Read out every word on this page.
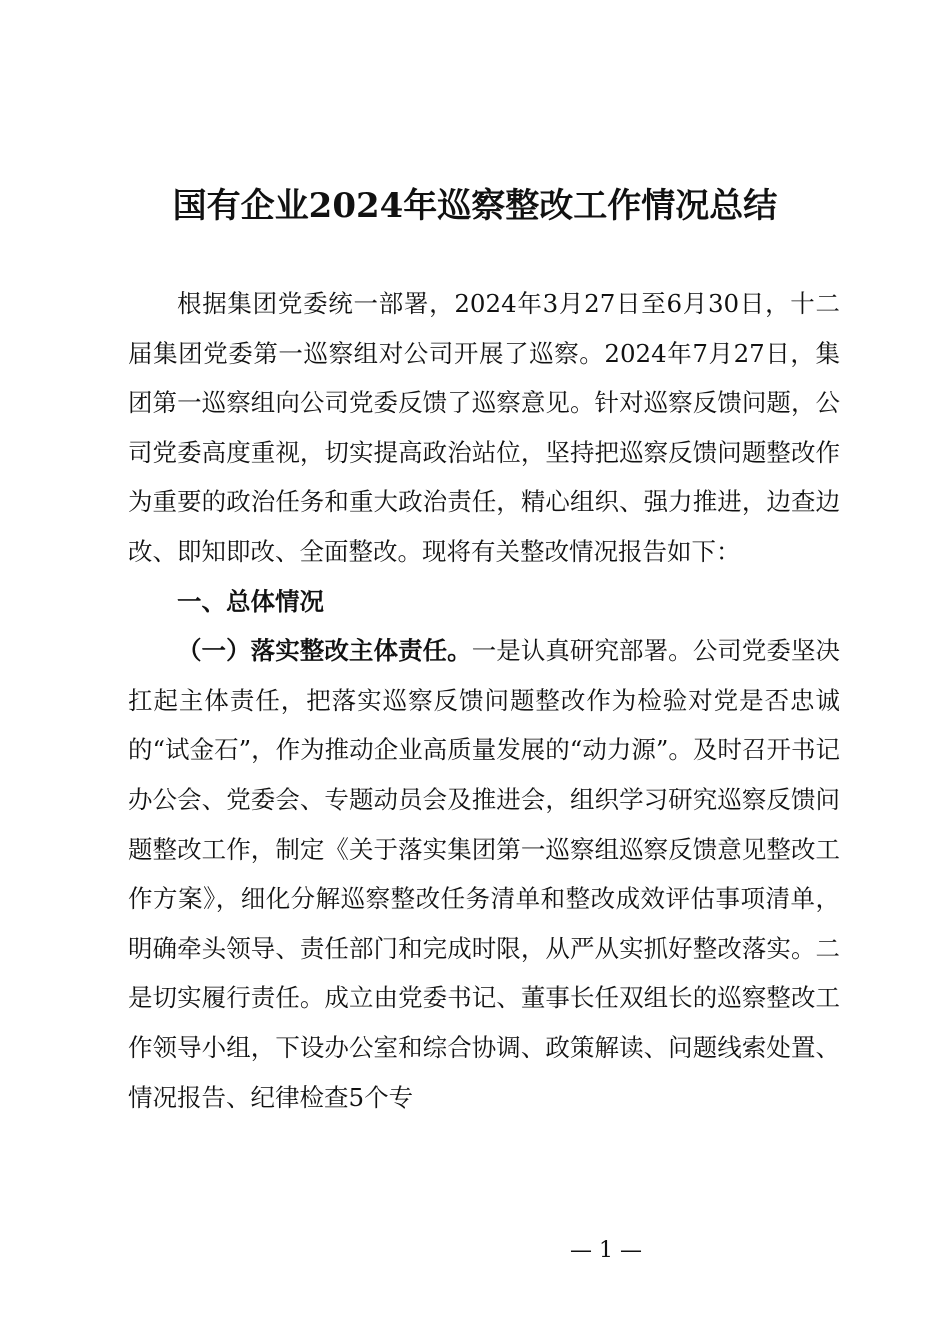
国有企业2024年巡察整改工作情况总结

根据集团党委统一部署，2024年3月27日至6月30日，十二届集团党委第一巡察组对公司开展了巡察。2024年7月27日，集团第一巡察组向公司党委反馈了巡察意见。针对巡察反馈问题，公司党委高度重视，切实提高政治站位，坚持把巡察反馈问题整改作为重要的政治任务和重大政治责任，精心组织、强力推进，边查边改、即知即改、全面整改。现将有关整改情况报告如下：

一、总体情况

（一）落实整改主体责任。一是认真研究部署。公司党委坚决扛起主体责任，把落实巡察反馈问题整改作为检验对党是否忠诚的“试金石”，作为推动企业高质量发展的“动力源”。及时召开书记办公会、党委会、专题动员会及推进会，组织学习研究巡察反馈问题整改工作，制定《关于落实集团第一巡察组巡察反馈意见整改工作方案》，细化分解巡察整改任务清单和整改成效评估事项清单，明确牵头领导、责任部门和完成时限，从严从实抓好整改落实。二是切实履行责任。成立由党委书记、董事长任双组长的巡察整改工作领导小组，下设办公室和综合协调、政策解读、问题线索处置、情况报告、纪律检查5个专

— 1 —
